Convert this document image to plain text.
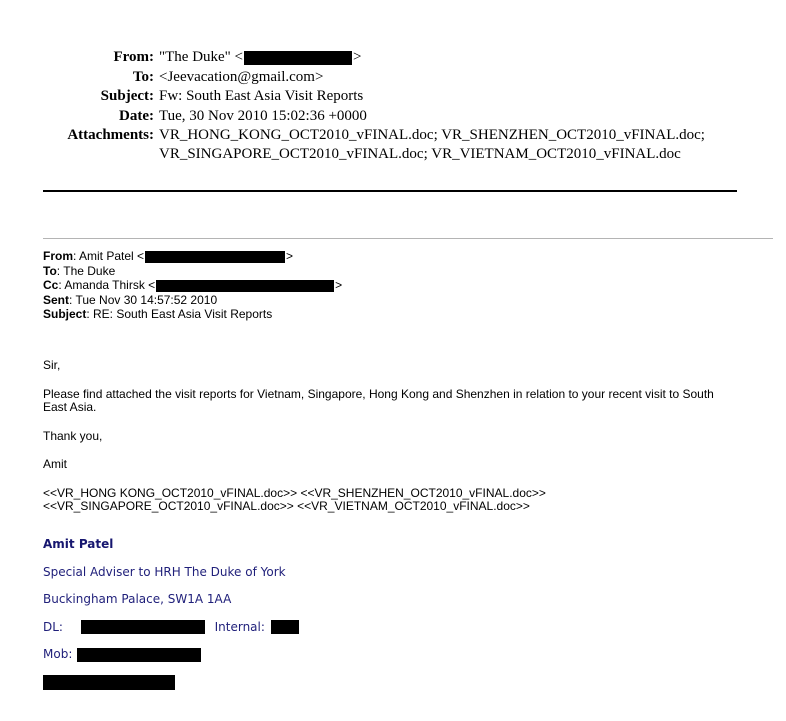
From: "The Duke" <	>
To: <Jeevacation@gmail.com>
Subject: Fw: South East Asia Visit Reports
Date: Tue, 30 Nov 2010 15:02:36 +0000
Attachments: VR_HONG_KONG_OCT2010_vFINAL.doc; VR_SHENZHEN_OCT2010_vFINAL.doc;
VR_SINGAPORE_OCT2010_vFINAL.doc; VR_VIETNAM_OCT2010_vFINAL.doc
From: Amit Patel <	>
To: The Duke
Cc: Amanda Thirsk <	>
Sent: Tue Nov 30 14:57:52 2010
Subject: RE: South East Asia Visit Reports

Sir,

Please find attached the visit reports for Vietnam, Singapore, Hong Kong and Shenzhen in relation to your recent visit to South East Asia.

Thank you,

Amit

<<VR_HONG KONG_OCT2010_vFINAL.doc>> <<VR_SHENZHEN_OCT2010_vFINAL.doc>>
<<VR_SINGAPORE_OCT2010_vFINAL.doc>> <<VR_VIETNAM_OCT2010_vFINAL.doc>>

Amit Patel
Special Adviser to HRH The Duke of York
Buckingham Palace, SW1A 1AA
DL:	Internal:
Mob:
